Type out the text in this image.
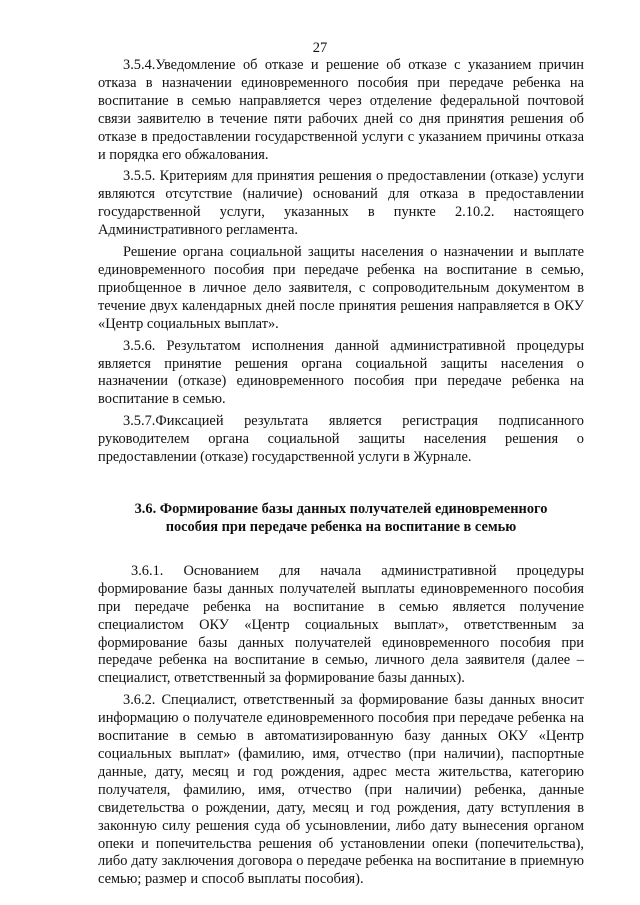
27

3.5.4.Уведомление об отказе и решение об отказе с указанием причин отказа в назначении единовременного пособия при передаче ребенка на воспитание в семью направляется через отделение федеральной почтовой связи заявителю в течение пяти рабочих дней со дня принятия решения об отказе в предоставлении государственной услуги с указанием причины отказа и порядка его обжалования.

3.5.5. Критериям для принятия решения о предоставлении (отказе) услуги являются отсутствие (наличие) оснований для отказа в предоставлении государственной услуги, указанных в пункте 2.10.2. настоящего Административного регламента.

Решение органа социальной защиты населения о назначении и выплате единовременного пособия при передаче ребенка на воспитание в семью, приобщенное в личное дело заявителя, с сопроводительным документом в течение двух календарных дней после принятия решения направляется в ОКУ «Центр социальных выплат».

3.5.6. Результатом исполнения данной административной процедуры является принятие решения органа социальной защиты населения о назначении (отказе) единовременного пособия при передаче ребенка на воспитание в семью.

3.5.7.Фиксацией результата является регистрация подписанного руководителем органа социальной защиты населения решения о предоставлении (отказе) государственной услуги в Журнале.

3.6. Формирование базы данных получателей единовременного
пособия при передаче ребенка на воспитание в семью

3.6.1. Основанием для начала административной процедуры формирование базы данных получателей выплаты единовременного пособия при передаче ребенка на воспитание в семью является получение специалистом ОКУ «Центр социальных выплат», ответственным за формирование базы данных получателей единовременного пособия при передаче ребенка на воспитание в семью, личного дела заявителя (далее – специалист, ответственный за формирование базы данных).

3.6.2. Специалист, ответственный за формирование базы данных вносит информацию о получателе единовременного пособия при передаче ребенка на воспитание в семью в автоматизированную базу данных ОКУ «Центр социальных выплат» (фамилию, имя, отчество (при наличии), паспортные данные, дату, месяц и год рождения, адрес места жительства, категорию получателя, фамилию, имя, отчество (при наличии) ребенка, данные свидетельства о рождении, дату, месяц и год рождения, дату вступления в законную силу решения суда об усыновлении, либо дату вынесения органом опеки и попечительства решения об установлении опеки (попечительства), либо дату заключения договора о передаче ребенка на воспитание в приемную семью; размер и способ выплаты пособия).
